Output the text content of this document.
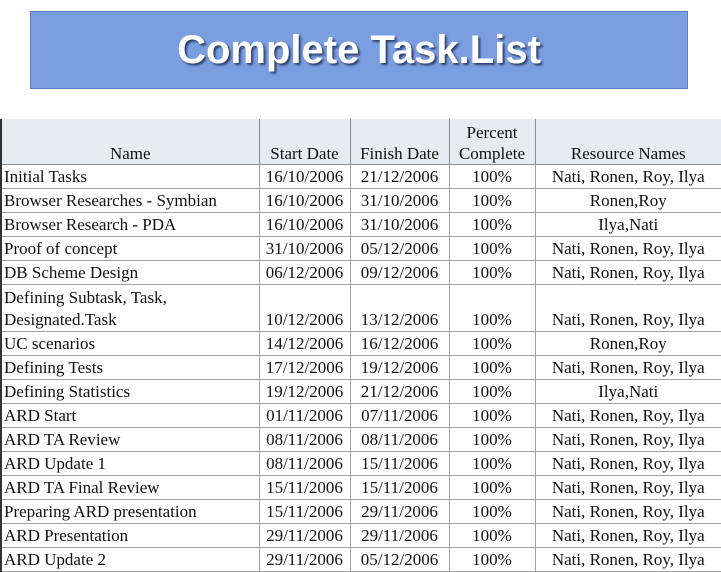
Complete Task.List
Name	Start Date	Finish Date	Percent Complete	Resource Names
Initial Tasks	16/10/2006	21/12/2006	100%	Nati, Ronen, Roy, Ilya
Browser Researches - Symbian	16/10/2006	31/10/2006	100%	Ronen,Roy
Browser Research - PDA	16/10/2006	31/10/2006	100%	Ilya,Nati
Proof of concept	31/10/2006	05/12/2006	100%	Nati, Ronen, Roy, Ilya
DB Scheme Design	06/12/2006	09/12/2006	100%	Nati, Ronen, Roy, Ilya
Defining Subtask, Task, Designated.Task	10/12/2006	13/12/2006	100%	Nati, Ronen, Roy, Ilya
UC scenarios	14/12/2006	16/12/2006	100%	Ronen,Roy
Defining Tests	17/12/2006	19/12/2006	100%	Nati, Ronen, Roy, Ilya
Defining Statistics	19/12/2006	21/12/2006	100%	Ilya,Nati
ARD Start	01/11/2006	07/11/2006	100%	Nati, Ronen, Roy, Ilya
ARD TA Review	08/11/2006	08/11/2006	100%	Nati, Ronen, Roy, Ilya
ARD Update 1	08/11/2006	15/11/2006	100%	Nati, Ronen, Roy, Ilya
ARD TA Final Review	15/11/2006	15/11/2006	100%	Nati, Ronen, Roy, Ilya
Preparing ARD presentation	15/11/2006	29/11/2006	100%	Nati, Ronen, Roy, Ilya
ARD Presentation	29/11/2006	29/11/2006	100%	Nati, Ronen, Roy, Ilya
ARD Update 2	29/11/2006	05/12/2006	100%	Nati, Ronen, Roy, Ilya
